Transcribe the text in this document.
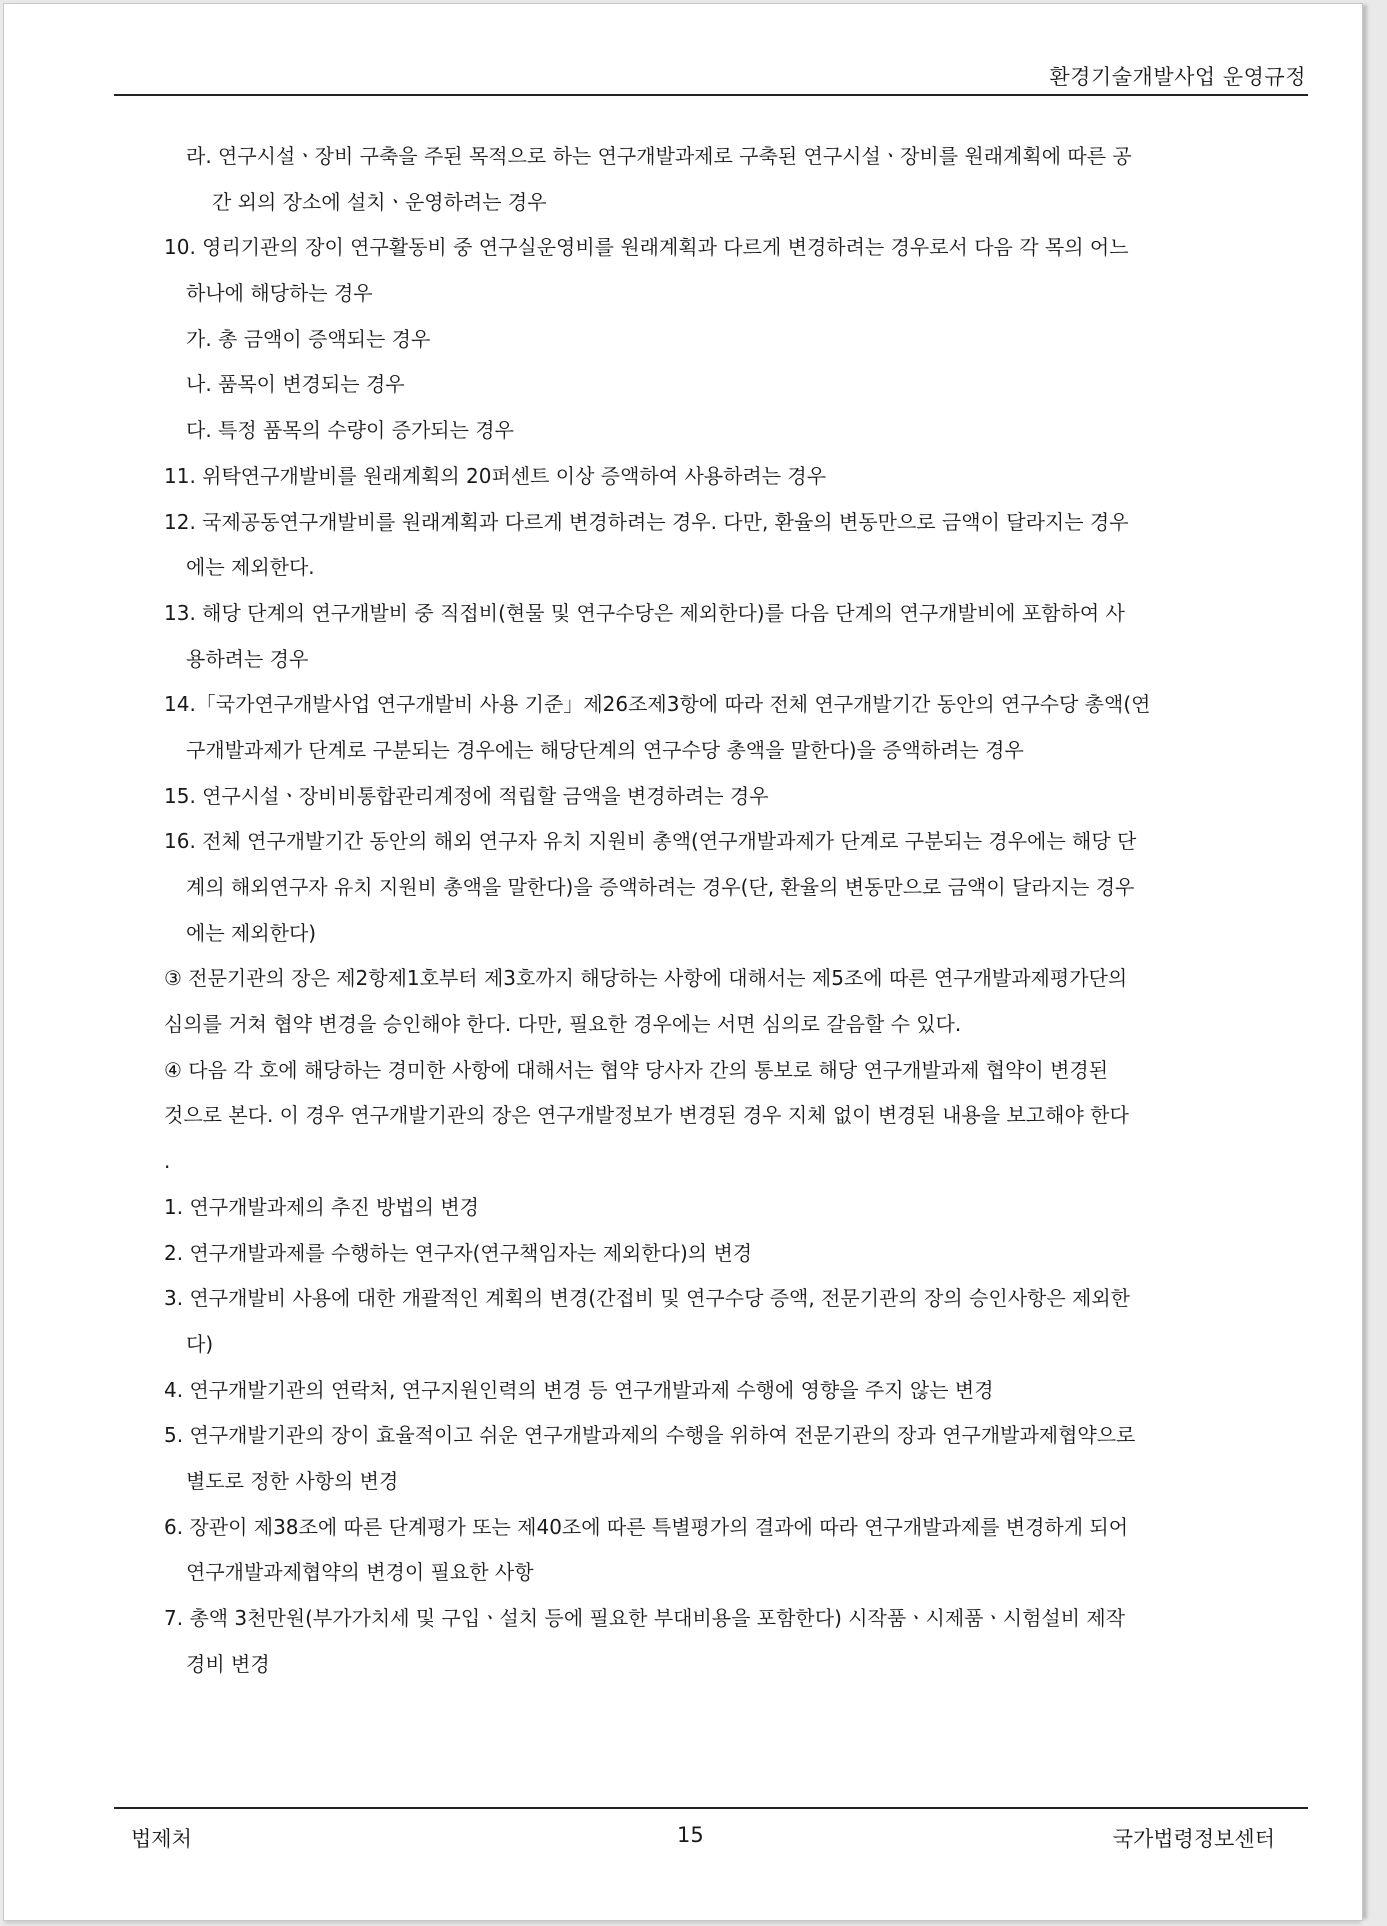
환경기술개발사업 운영규정
라. 연구시설ㆍ장비 구축을 주된 목적으로 하는 연구개발과제로 구축된 연구시설ㆍ장비를 원래계획에 따른 공
간 외의 장소에 설치ㆍ운영하려는 경우
10. 영리기관의 장이 연구활동비 중 연구실운영비를 원래계획과 다르게 변경하려는 경우로서 다음 각 목의 어느
하나에 해당하는 경우
가. 총 금액이 증액되는 경우
나. 품목이 변경되는 경우
다. 특정 품목의 수량이 증가되는 경우
11. 위탁연구개발비를 원래계획의 20퍼센트 이상 증액하여 사용하려는 경우
12. 국제공동연구개발비를 원래계획과 다르게 변경하려는 경우. 다만, 환율의 변동만으로 금액이 달라지는 경우
에는 제외한다.
13. 해당 단계의 연구개발비 중 직접비(현물 및 연구수당은 제외한다)를 다음 단계의 연구개발비에 포함하여 사
용하려는 경우
14.「국가연구개발사업 연구개발비 사용 기준」제26조제3항에 따라 전체 연구개발기간 동안의 연구수당 총액(연
구개발과제가 단계로 구분되는 경우에는 해당단계의 연구수당 총액을 말한다)을 증액하려는 경우
15. 연구시설ㆍ장비비통합관리계정에 적립할 금액을 변경하려는 경우
16. 전체 연구개발기간 동안의 해외 연구자 유치 지원비 총액(연구개발과제가 단계로 구분되는 경우에는 해당 단
계의 해외연구자 유치 지원비 총액을 말한다)을 증액하려는 경우(단, 환율의 변동만으로 금액이 달라지는 경우
에는 제외한다)
③ 전문기관의 장은 제2항제1호부터 제3호까지 해당하는 사항에 대해서는 제5조에 따른 연구개발과제평가단의
심의를 거쳐 협약 변경을 승인해야 한다. 다만, 필요한 경우에는 서면 심의로 갈음할 수 있다.
④ 다음 각 호에 해당하는 경미한 사항에 대해서는 협약 당사자 간의 통보로 해당 연구개발과제 협약이 변경된
것으로 본다. 이 경우 연구개발기관의 장은 연구개발정보가 변경된 경우 지체 없이 변경된 내용을 보고해야 한다
.
1. 연구개발과제의 추진 방법의 변경
2. 연구개발과제를 수행하는 연구자(연구책임자는 제외한다)의 변경
3. 연구개발비 사용에 대한 개괄적인 계획의 변경(간접비 및 연구수당 증액, 전문기관의 장의 승인사항은 제외한
다)
4. 연구개발기관의 연락처, 연구지원인력의 변경 등 연구개발과제 수행에 영향을 주지 않는 변경
5. 연구개발기관의 장이 효율적이고 쉬운 연구개발과제의 수행을 위하여 전문기관의 장과 연구개발과제협약으로
별도로 정한 사항의 변경
6. 장관이 제38조에 따른 단계평가 또는 제40조에 따른 특별평가의 결과에 따라 연구개발과제를 변경하게 되어
연구개발과제협약의 변경이 필요한 사항
7. 총액 3천만원(부가가치세 및 구입ㆍ설치 등에 필요한 부대비용을 포함한다) 시작품ㆍ시제품ㆍ시험설비 제작
경비 변경
법제처	15	국가법령정보센터
